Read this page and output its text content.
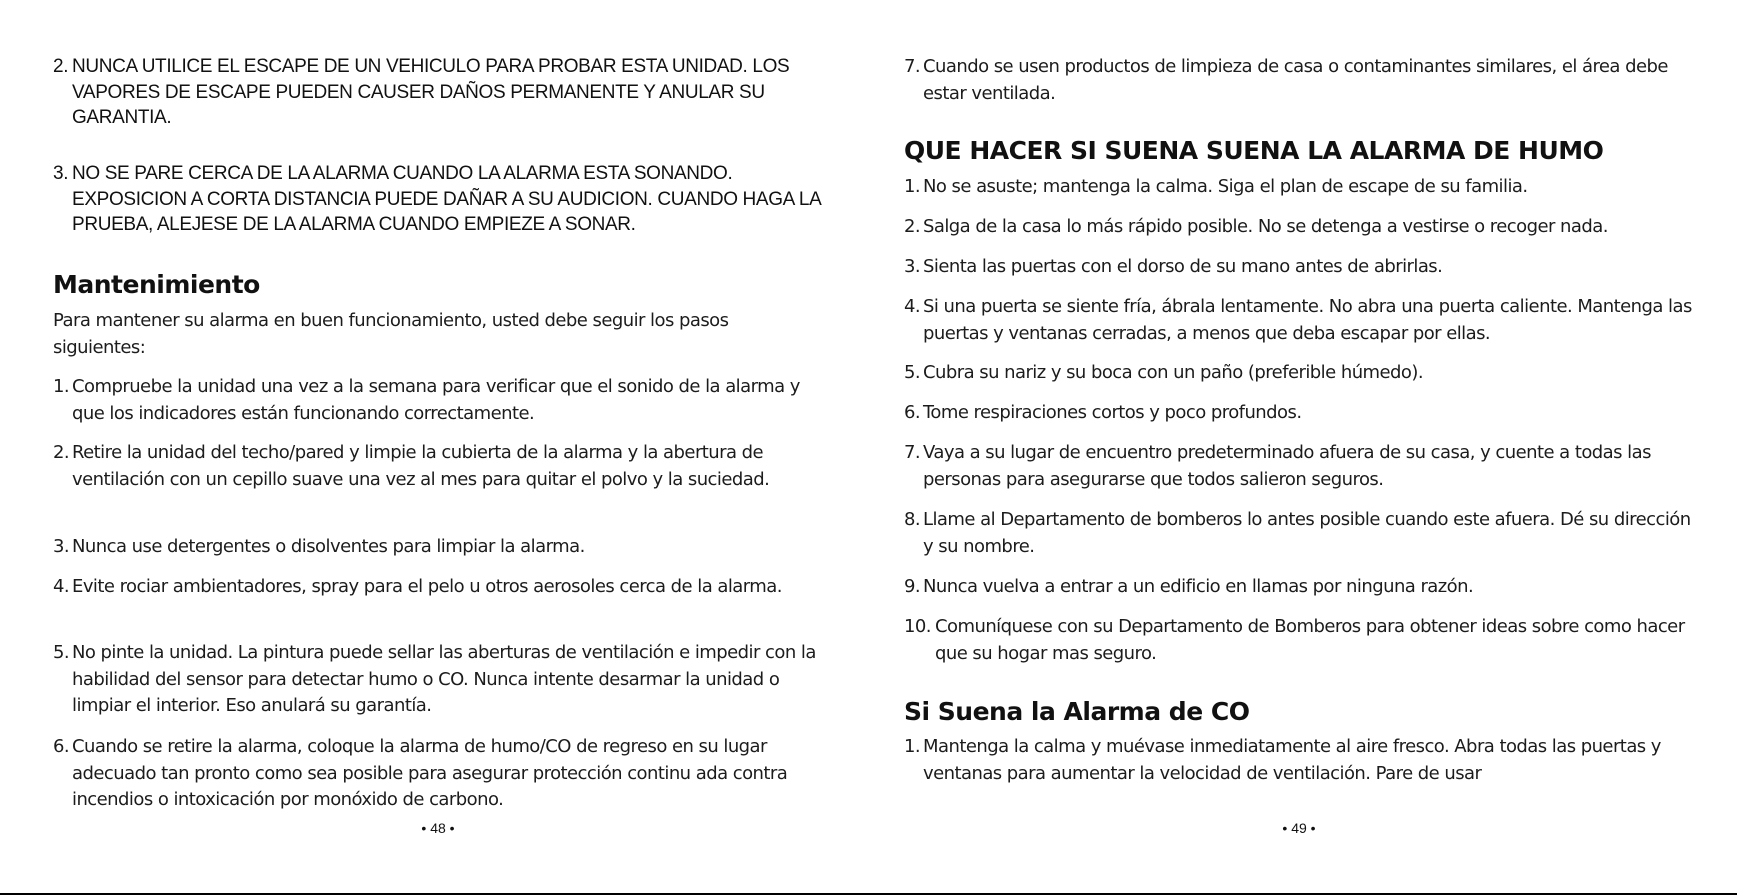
2. NUNCA UTILICE EL ESCAPE DE UN VEHICULO PARA PROBAR ESTA UNIDAD. LOS VAPORES DE ESCAPE PUEDEN CAUSER DAÑOS PERMANENTE Y ANULAR SU GARANTIA.
3. NO SE PARE CERCA DE LA ALARMA CUANDO LA ALARMA ESTA SONANDO. EXPOSICION A CORTA DISTANCIA PUEDE DAÑAR A SU AUDICION. CUANDO HAGA LA PRUEBA, ALEJESE DE LA ALARMA CUANDO EMPIEZE A SONAR.
Mantenimiento

Para mantener su alarma en buen funcionamiento, usted debe seguir los pasos siguientes:

1. Compruebe la unidad una vez a la semana para verificar que el sonido de la alarma y que los indicadores están funcionando correctamente.
2. Retire la unidad del techo/pared y limpie la cubierta de la alarma y la abertura de ventilación con un cepillo suave una vez al mes para quitar el polvo y la suciedad.
3. Nunca use detergentes o disolventes para limpiar la alarma.
4. Evite rociar ambientadores, spray para el pelo u otros aerosoles cerca de la alarma.
5. No pinte la unidad. La pintura puede sellar las aberturas de ventilación e impedir con la habilidad del sensor para detectar humo o CO. Nunca intente desarmar la unidad o limpiar el interior. Eso anulará su garantía.
6. Cuando se retire la alarma, coloque la alarma de humo/CO de regreso en su lugar adecuado tan pronto como sea posible para asegurar protección continu ada contra incendios o intoxicación por monóxido de carbono.
• 48 •
7. Cuando se usen productos de limpieza de casa o contaminantes similares, el área debe estar ventilada.
QUE HACER SI SUENA SUENA LA ALARMA DE HUMO
1. No se asuste; mantenga la calma. Siga el plan de escape de su familia.
2. Salga de la casa lo más rápido posible. No se detenga a vestirse o recoger nada.
3. Sienta las puertas con el dorso de su mano antes de abrirlas.
4. Si una puerta se siente fría, ábrala lentamente. No abra una puerta caliente. Mantenga las puertas y ventanas cerradas, a menos que deba escapar por ellas.
5. Cubra su nariz y su boca con un paño (preferible húmedo).
6. Tome respiraciones cortos y poco profundos.
7. Vaya a su lugar de encuentro predeterminado afuera de su casa, y cuente a todas las personas para asegurarse que todos salieron seguros.
8. Llame al Departamento de bomberos lo antes posible cuando este afuera. Dé su dirección y su nombre.
9. Nunca vuelva a entrar a un edificio en llamas por ninguna razón.
10. Comuníquese con su Departamento de Bomberos para obtener ideas sobre como hacer que su hogar mas seguro.
Si Suena la Alarma de CO
1. Mantenga la calma y muévase inmediatamente al aire fresco. Abra todas las puertas y ventanas para aumentar la velocidad de ventilación. Pare de usar
• 49 •
